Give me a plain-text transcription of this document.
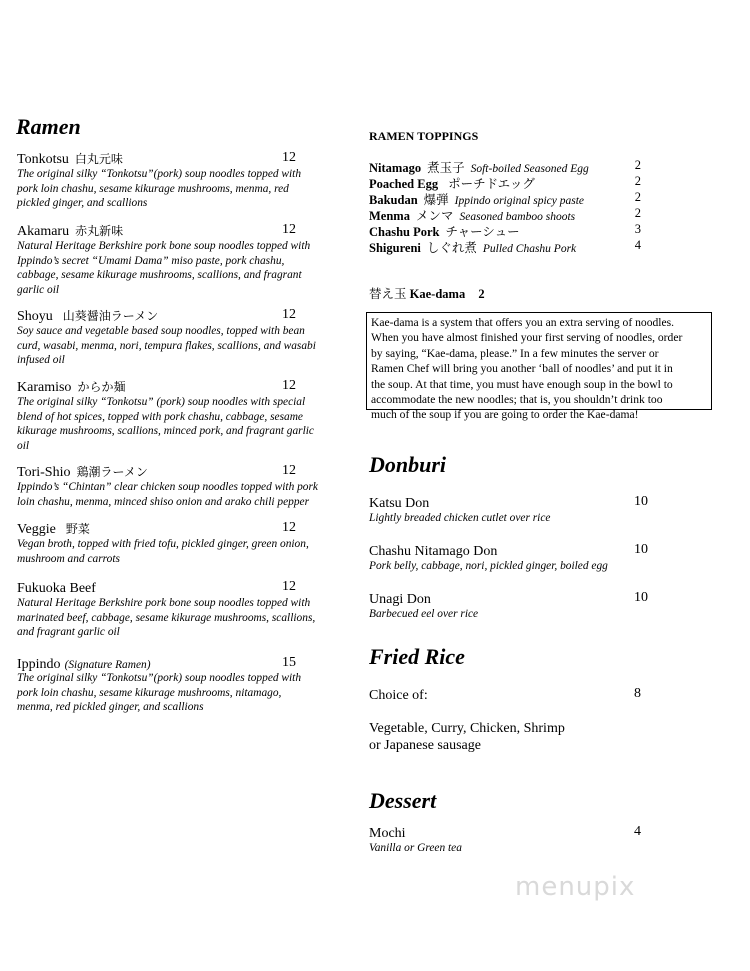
Ramen
Tonkotsu 白丸元味	12
The original silky “Tonkotsu”(pork) soup noodles topped with
pork loin chashu, sesame kikurage mushrooms, menma, red
pickled ginger, and scallions
Akamaru 赤丸新味	12
Natural Heritage Berkshire pork bone soup noodles topped with
Ippindo’s secret “Umami Dama” miso paste, pork chashu,
cabbage, sesame kikurage mushrooms, scallions, and fragrant
garlic oil
Shoyu 山葵醤油ラーメン	12
Soy sauce and vegetable based soup noodles, topped with bean
curd, wasabi, menma, nori, tempura flakes, scallions, and wasabi
infused oil
Karamiso からか麺	12
The original silky “Tonkotsu” (pork) soup noodles with special
blend of hot spices, topped with pork chashu, cabbage, sesame
kikurage mushrooms, scallions, minced pork, and fragrant garlic
oil
Tori-Shio 鶏潮ラーメン	12
Ippindo’s “Chintan” clear chicken soup noodles topped with pork
loin chashu, menma, minced shiso onion and arako chili pepper
Veggie 野菜	12
Vegan broth, topped with fried tofu, pickled ginger, green onion,
mushroom and carrots
Fukuoka Beef	12
Natural Heritage Berkshire pork bone soup noodles topped with
marinated beef, cabbage, sesame kikurage mushrooms, scallions,
and fragrant garlic oil
Ippindo (Signature Ramen)	15
The original silky “Tonkotsu”(pork) soup noodles topped with
pork loin chashu, sesame kikurage mushrooms, nitamago,
menma, red pickled ginger, and scallions
RAMEN TOPPINGS
Nitamago 煮玉子 Soft-boiled Seasoned Egg	2
Poached Egg ポーチドエッグ	2
Bakudan 爆弾 Ippindo original spicy paste	2
Menma メンマ Seasoned bamboo shoots	2
Chashu Pork チャーシュー	3
Shigureni しぐれ煮 Pulled Chashu Pork	4
替え玉 Kae-dama 2
Kae-dama is a system that offers you an extra serving of noodles.
When you have almost finished your first serving of noodles, order
by saying, “Kae-dama, please.” In a few minutes the server or
Ramen Chef will bring you another ‘ball of noodles’ and put it in
the soup. At that time, you must have enough soup in the bowl to
accommodate the new noodles; that is, you shouldn’t drink too
much of the soup if you are going to order the Kae-dama!
Donburi
Katsu Don	10
Lightly breaded chicken cutlet over rice
Chashu Nitamago Don	10
Pork belly, cabbage, nori, pickled ginger, boiled egg
Unagi Don	10
Barbecued eel over rice
Fried Rice
Choice of:	8
Vegetable, Curry, Chicken, Shrimp
or Japanese sausage
Dessert
Mochi	4
Vanilla or Green tea
menupix
